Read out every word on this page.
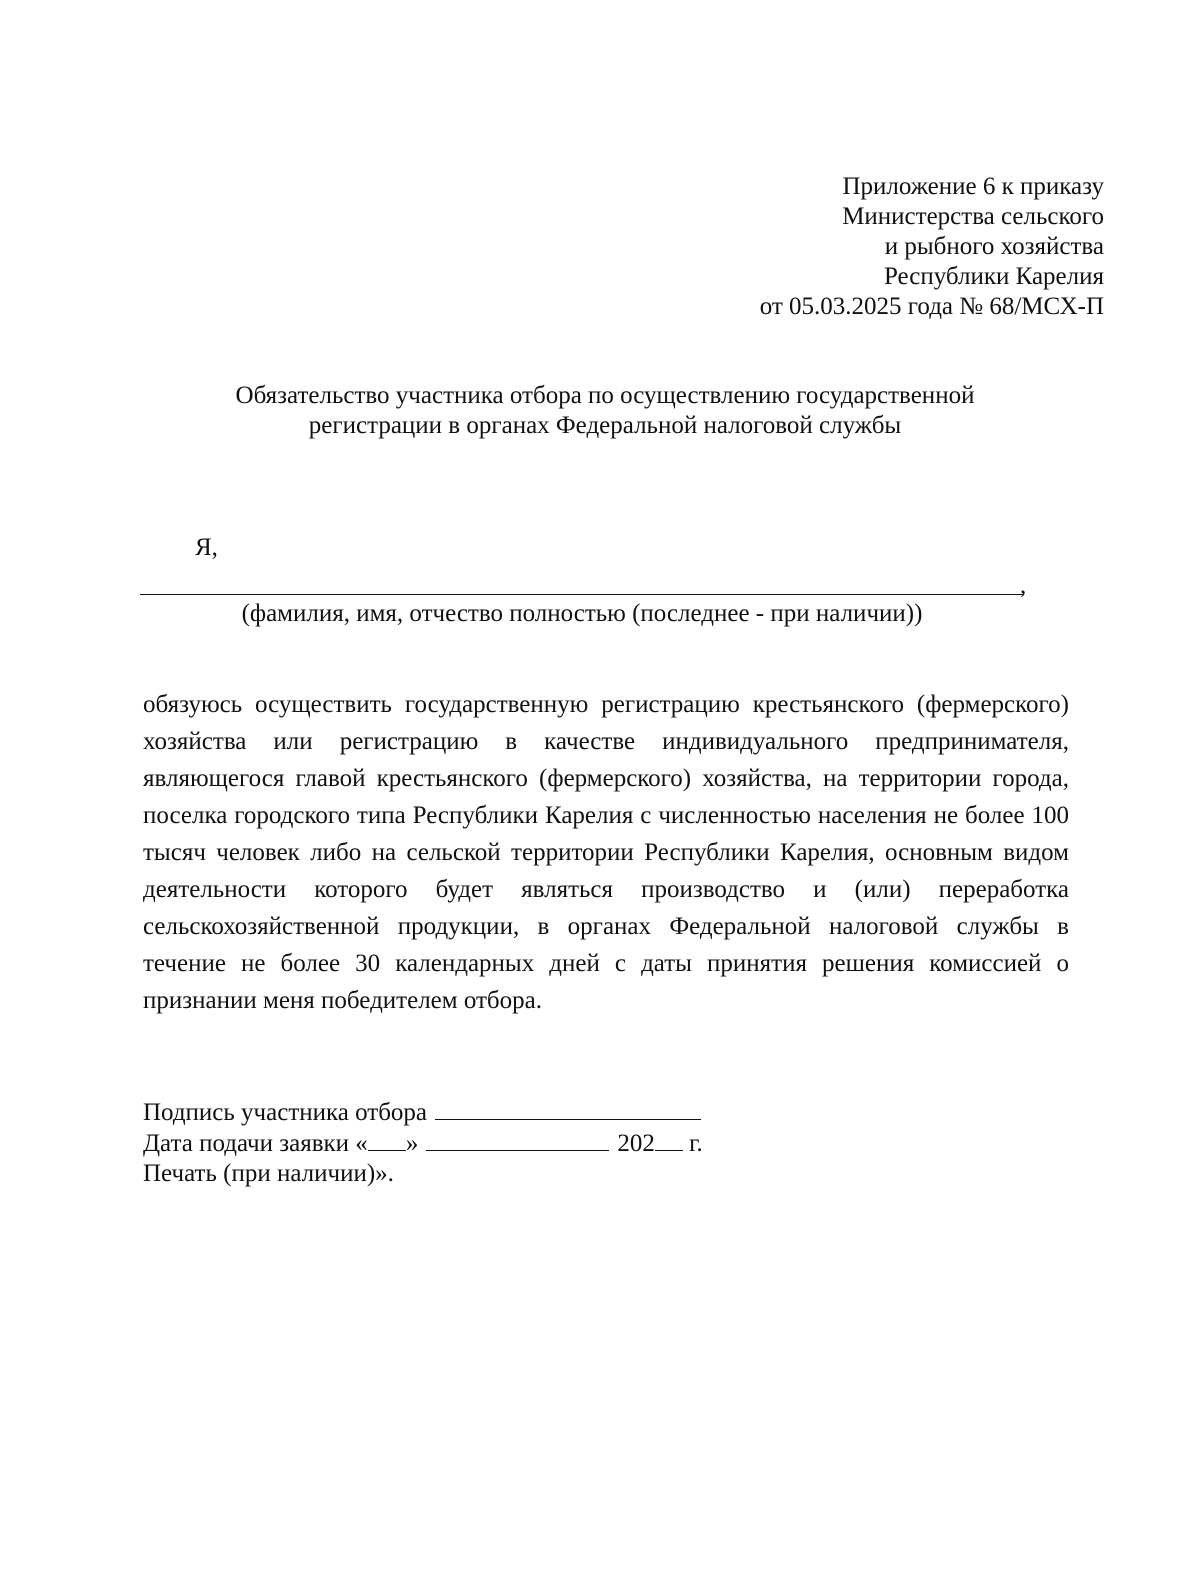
Приложение 6 к приказу
Министерства сельского
и рыбного хозяйства
Республики Карелия
от 05.03.2025 года № 68/МСХ-П
Обязательство участника отбора по осуществлению государственной
регистрации в органах Федеральной налоговой службы
Я,
,
(фамилия, имя, отчество полностью (последнее - при наличии))
обязуюсь осуществить государственную регистрацию крестьянского (фермерского) хозяйства или регистрацию в качестве индивидуального предпринимателя, являющегося главой крестьянского (фермерского) хозяйства, на территории города, поселка городского типа Республики Карелия с численностью населения не более 100 тысяч человек либо на сельской территории Республики Карелия, основным видом деятельности которого будет являться производство и (или) переработка сельскохозяйственной продукции, в органах Федеральной налоговой службы в течение не более 30 календарных дней с даты принятия решения комиссией о признании меня победителем отбора.
Подпись участника отбора
Дата подачи заявки « »	202 г.
Печать (при наличии)».
